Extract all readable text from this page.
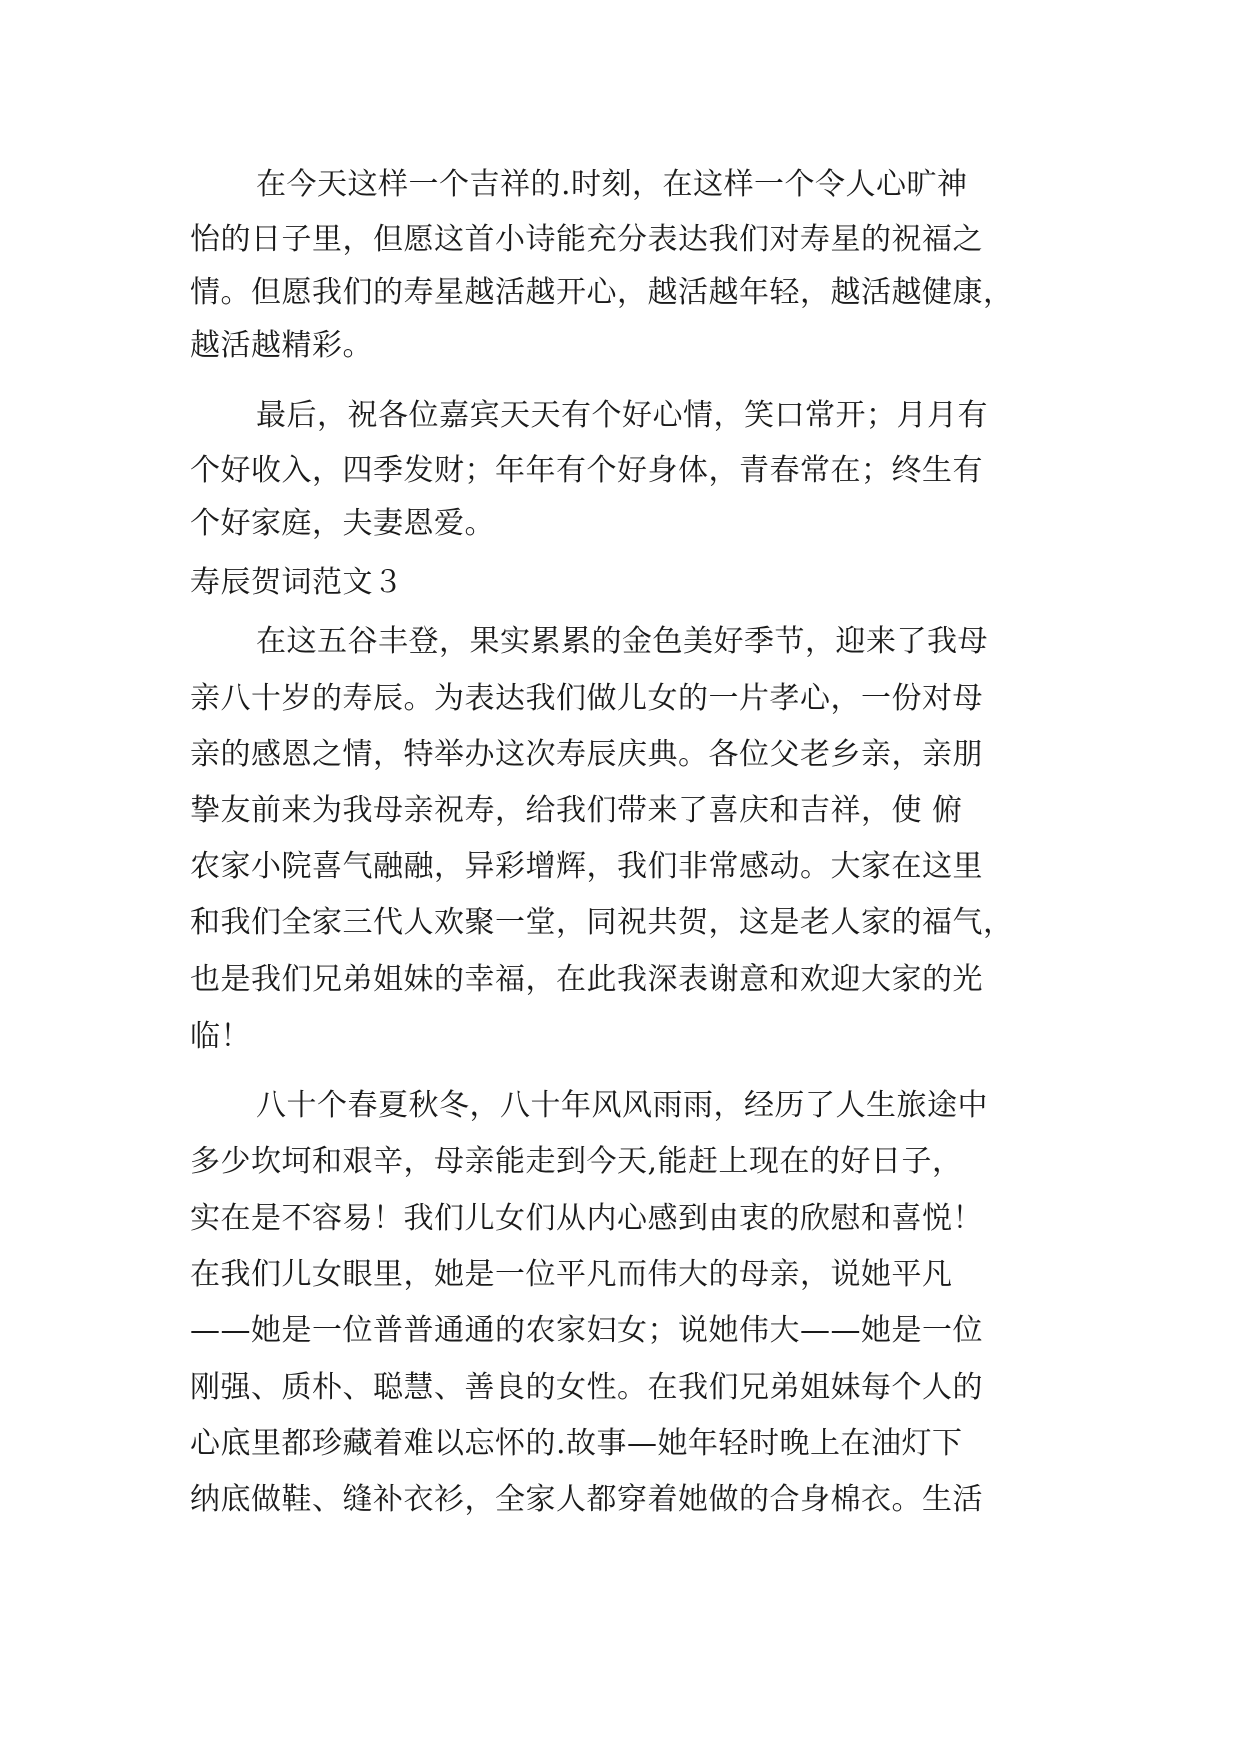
在今天这样一个吉祥的.时刻，在这样一个令人心旷神
怡的日子里，但愿这首小诗能充分表达我们对寿星的祝福之
情。但愿我们的寿星越活越开心，越活越年轻，越活越健康，
越活越精彩。
最后，祝各位嘉宾天天有个好心情，笑口常开；月月有
个好收入，四季发财；年年有个好身体，青春常在；终生有
个好家庭，夫妻恩爱。
寿辰贺词范文３
在这五谷丰登，果实累累的金色美好季节，迎来了我母
亲八十岁的寿辰。为表达我们做儿女的一片孝心，一份对母
亲的感恩之情，特举办这次寿辰庆典。各位父老乡亲，亲朋
挚友前来为我母亲祝寿，给我们带来了喜庆和吉祥，使 俯
农家小院喜气融融，异彩增辉，我们非常感动。大家在这里
和我们全家三代人欢聚一堂，同祝共贺，这是老人家的福气，
也是我们兄弟姐妹的幸福，在此我深表谢意和欢迎大家的光
临！
八十个春夏秋冬，八十年风风雨雨，经历了人生旅途中
多少坎坷和艰辛，母亲能走到今天,能赶上现在的好日子，
实在是不容易！我们儿女们从内心感到由衷的欣慰和喜悦！
在我们儿女眼里，她是一位平凡而伟大的母亲，说她平凡
——她是一位普普通通的农家妇女；说她伟大——她是一位
刚强、质朴、聪慧、善良的女性。在我们兄弟姐妹每个人的
心底里都珍藏着难以忘怀的.故事—她年轻时晚上在油灯下
纳底做鞋、缝补衣衫，全家人都穿着她做的合身棉衣。生活
